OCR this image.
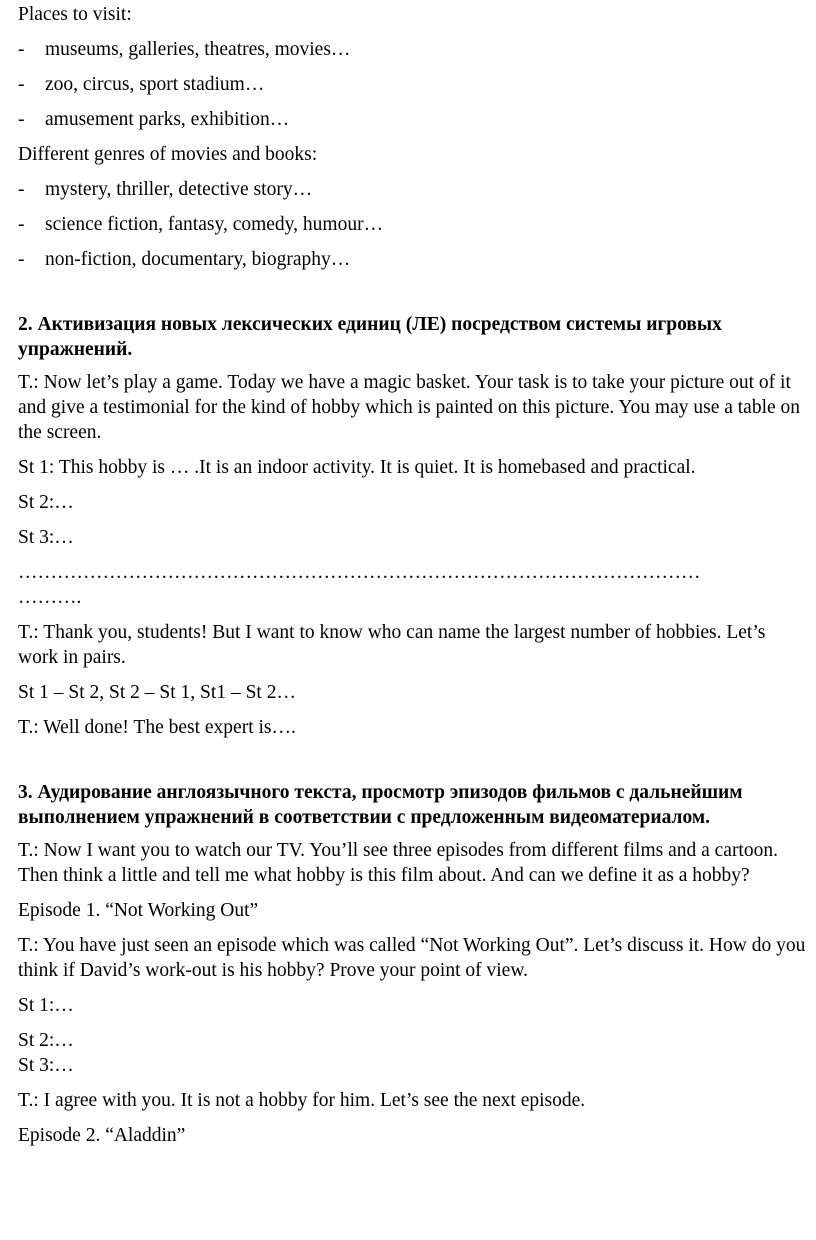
Places to visit:

-	museums, galleries, theatres, movies…
-	zoo, circus, sport stadium…
-	amusement parks, exhibition…

Different genres of movies and books:

-	mystery, thriller, detective story…
-	science fiction, fantasy, comedy, humour…
-	non-fiction, documentary, biography…

2. Активизация новых лексических единиц (ЛЕ) посредством системы игровых упражнений.

T.: Now let’s play a game. Today we have a magic basket. Your task is to take your picture out of it and give a testimonial for the kind of hobby which is painted on this picture. You may use a table on the screen.

St 1: This hobby is … .It is an indoor activity. It is quiet. It is homebased and practical.

St 2:…

St 3:…

……………………………………………………………………………………………

……….

T.: Thank you, students! But I want to know who can name the largest number of hobbies. Let’s work in pairs.

St 1 – St 2, St 2 – St 1, St1 – St 2…

T.: Well done! The best expert is….

3. Аудирование англоязычного текста, просмотр эпизодов фильмов с дальнейшим выполнением упражнений в соответствии с предложенным видеоматериалом.

T.: Now I want you to watch our TV. You’ll see three episodes from different films and a cartoon. Then think a little and tell me what hobby is this film about. And can we define it as a hobby?

Episode 1. “Not Working Out”

T.: You have just seen an episode which was called “Not Working Out”. Let’s discuss it. How do you think if David’s work-out is his hobby? Prove your point of view.

St 1:…

St 2:…

St 3:…

T.: I agree with you. It is not a hobby for him. Let’s see the next episode.

Episode 2. “Aladdin”
